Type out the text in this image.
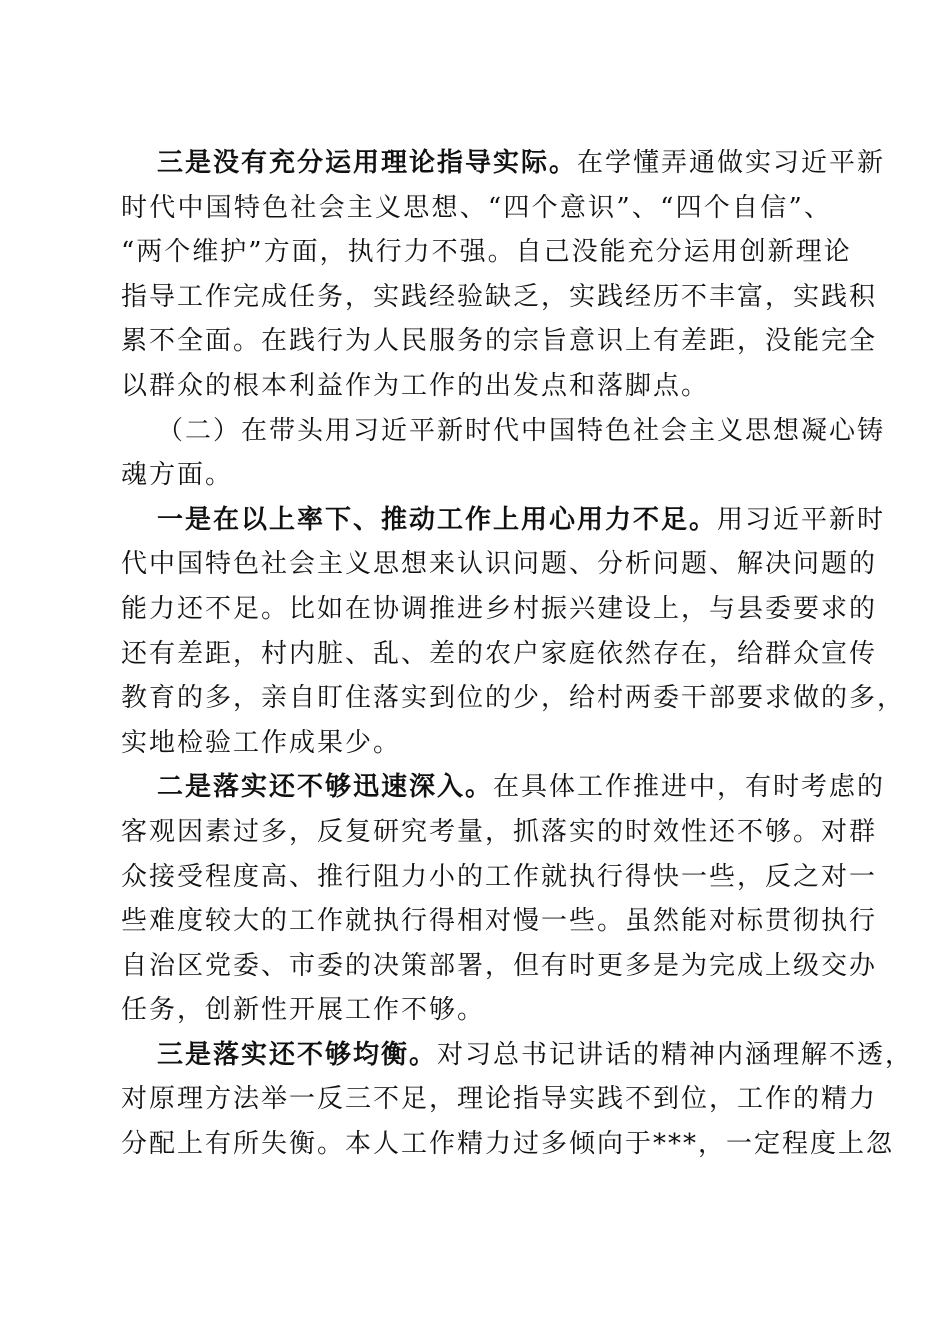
三是没有充分运用理论指导实际。在学懂弄通做实习近平新
时代中国特色社会主义思想、“四个意识”、“四个自信”、
“两个维护”方面，执行力不强。自己没能充分运用创新理论
指导工作完成任务，实践经验缺乏，实践经历不丰富，实践积
累不全面。在践行为人民服务的宗旨意识上有差距，没能完全
以群众的根本利益作为工作的出发点和落脚点。
（二）在带头用习近平新时代中国特色社会主义思想凝心铸
魂方面。
一是在以上率下、推动工作上用心用力不足。用习近平新时
代中国特色社会主义思想来认识问题、分析问题、解决问题的
能力还不足。比如在协调推进乡村振兴建设上，与县委要求的
还有差距，村内脏、乱、差的农户家庭依然存在，给群众宣传
教育的多，亲自盯住落实到位的少，给村两委干部要求做的多，
实地检验工作成果少。
二是落实还不够迅速深入。在具体工作推进中，有时考虑的
客观因素过多，反复研究考量，抓落实的时效性还不够。对群
众接受程度高、推行阻力小的工作就执行得快一些，反之对一
些难度较大的工作就执行得相对慢一些。虽然能对标贯彻执行
自治区党委、市委的决策部署，但有时更多是为完成上级交办
任务，创新性开展工作不够。
三是落实还不够均衡。对习总书记讲话的精神内涵理解不透，
对原理方法举一反三不足，理论指导实践不到位，工作的精力
分配上有所失衡。本人工作精力过多倾向于***，一定程度上忽
